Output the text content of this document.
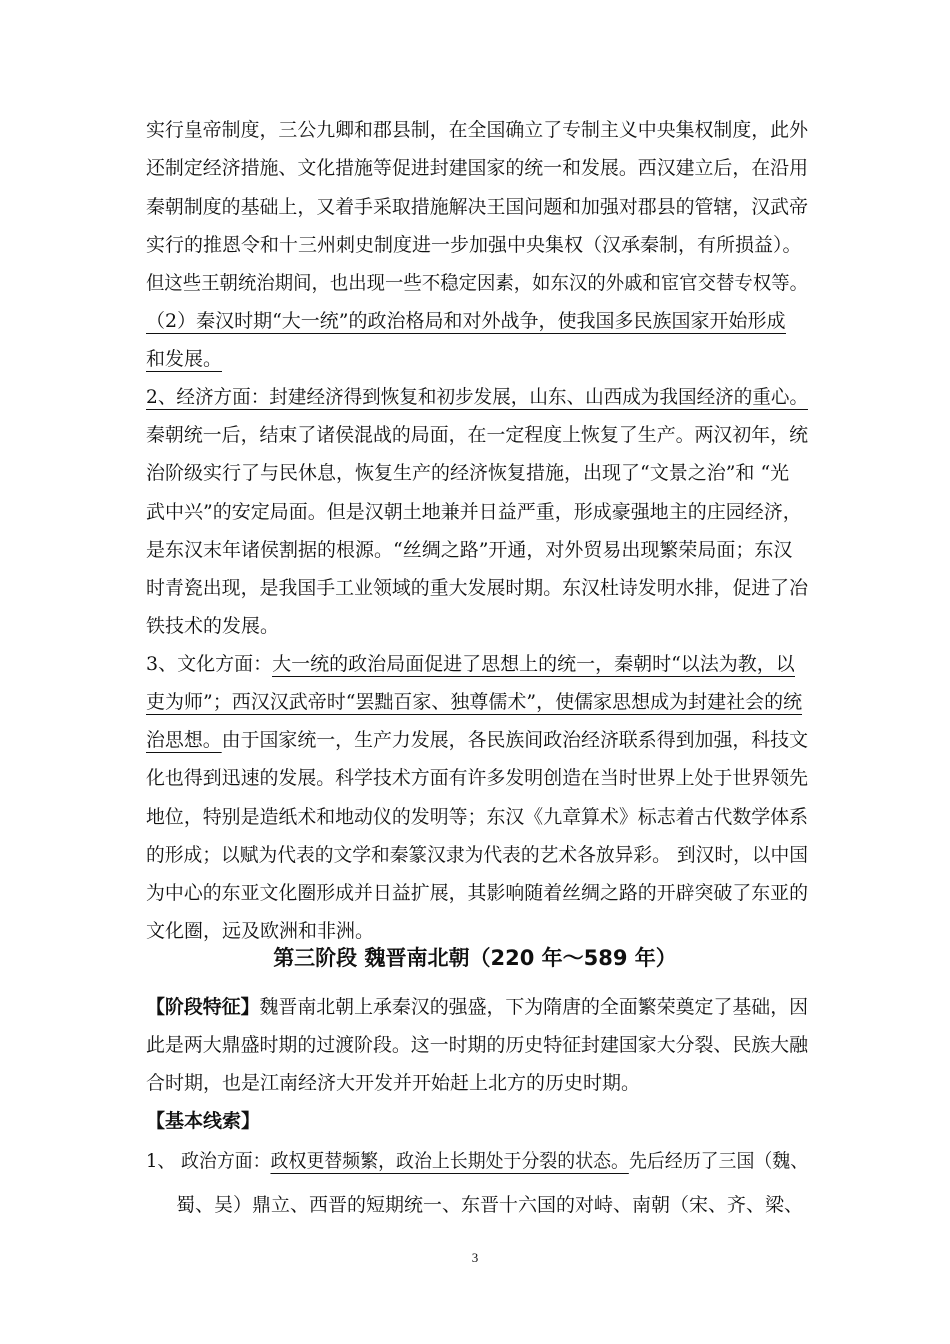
实行皇帝制度，三公九卿和郡县制，在全国确立了专制主义中央集权制度，此外
还制定经济措施、文化措施等促进封建国家的统一和发展。西汉建立后，在沿用
秦朝制度的基础上，又着手采取措施解决王国问题和加强对郡县的管辖，汉武帝
实行的推恩令和十三州刺史制度进一步加强中央集权（汉承秦制，有所损益）。
但这些王朝统治期间，也出现一些不稳定因素，如东汉的外戚和宦官交替专权等。
（2）秦汉时期“大一统”的政治格局和对外战争，使我国多民族国家开始形成
和发展。
2、经济方面：封建经济得到恢复和初步发展，山东、山西成为我国经济的重心。
秦朝统一后，结束了诸侯混战的局面，在一定程度上恢复了生产。两汉初年，统
治阶级实行了与民休息，恢复生产的经济恢复措施，出现了“文景之治”和 “光
武中兴”的安定局面。但是汉朝土地兼并日益严重，形成豪强地主的庄园经济，
是东汉末年诸侯割据的根源。“丝绸之路”开通，对外贸易出现繁荣局面；东汉
时青瓷出现，是我国手工业领域的重大发展时期。东汉杜诗发明水排，促进了冶
铁技术的发展。
3、文化方面：大一统的政治局面促进了思想上的统一，秦朝时“以法为教，以
吏为师”；西汉汉武帝时“罢黜百家、独尊儒术”，使儒家思想成为封建社会的统
治思想。由于国家统一，生产力发展，各民族间政治经济联系得到加强，科技文
化也得到迅速的发展。科学技术方面有许多发明创造在当时世界上处于世界领先
地位，特别是造纸术和地动仪的发明等；东汉《九章算术》标志着古代数学体系
的形成；以赋为代表的文学和秦篆汉隶为代表的艺术各放异彩。 到汉时，以中国
为中心的东亚文化圈形成并日益扩展，其影响随着丝绸之路的开辟突破了东亚的
文化圈，远及欧洲和非洲。
第三阶段 魏晋南北朝（220 年～589 年）
【阶段特征】魏晋南北朝上承秦汉的强盛，下为隋唐的全面繁荣奠定了基础，因
此是两大鼎盛时期的过渡阶段。这一时期的历史特征封建国家大分裂、民族大融
合时期，也是江南经济大开发并开始赶上北方的历史时期。
【基本线索】
1、 政治方面：政权更替频繁，政治上长期处于分裂的状态。先后经历了三国（魏、
蜀、吴）鼎立、西晋的短期统一、东晋十六国的对峙、南朝（宋、齐、梁、
3
